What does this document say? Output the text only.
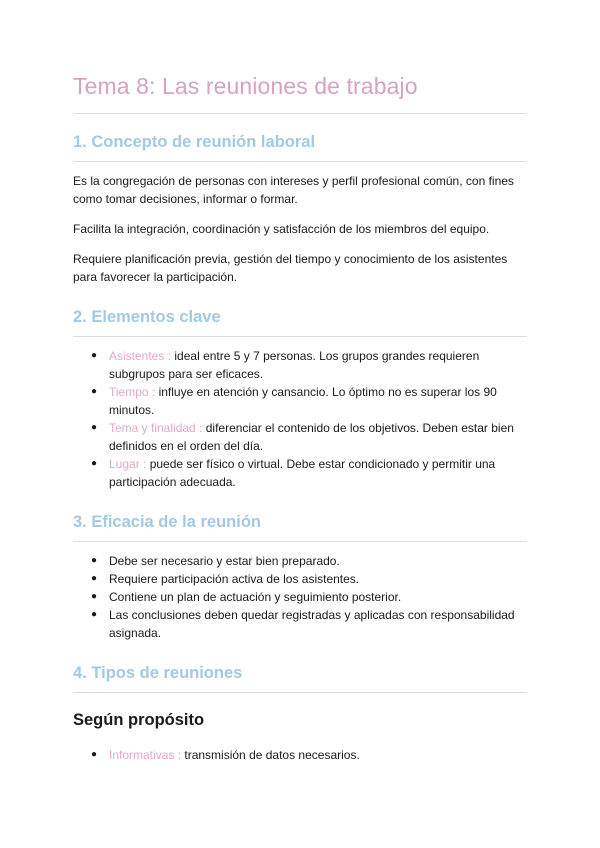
Tema 8: Las reuniones de trabajo
1. Concepto de reunión laboral

Es la congregación de personas con intereses y perfil profesional común, con fines como tomar decisiones, informar o formar.

Facilita la integración, coordinación y satisfacción de los miembros del equipo.

Requiere planificación previa, gestión del tiempo y conocimiento de los asistentes para favorecer la participación.

2. Elementos clave
● Asistentes : ideal entre 5 y 7 personas. Los grupos grandes requieren subgrupos para ser eficaces.
● Tiempo : influye en atención y cansancio. Lo óptimo no es superar los 90 minutos.
● Tema y finalidad : diferenciar el contenido de los objetivos. Deben estar bien definidos en el orden del día.
● Lugar : puede ser físico o virtual. Debe estar condicionado y permitir una participación adecuada.
3. Eficacia de la reunión
● Debe ser necesario y estar bien preparado.
● Requiere participación activa de los asistentes.
● Contiene un plan de actuación y seguimiento posterior.
● Las conclusiones deben quedar registradas y aplicadas con responsabilidad asignada.
4. Tipos de reuniones
Según propósito
● Informativas : transmisión de datos necesarios.
